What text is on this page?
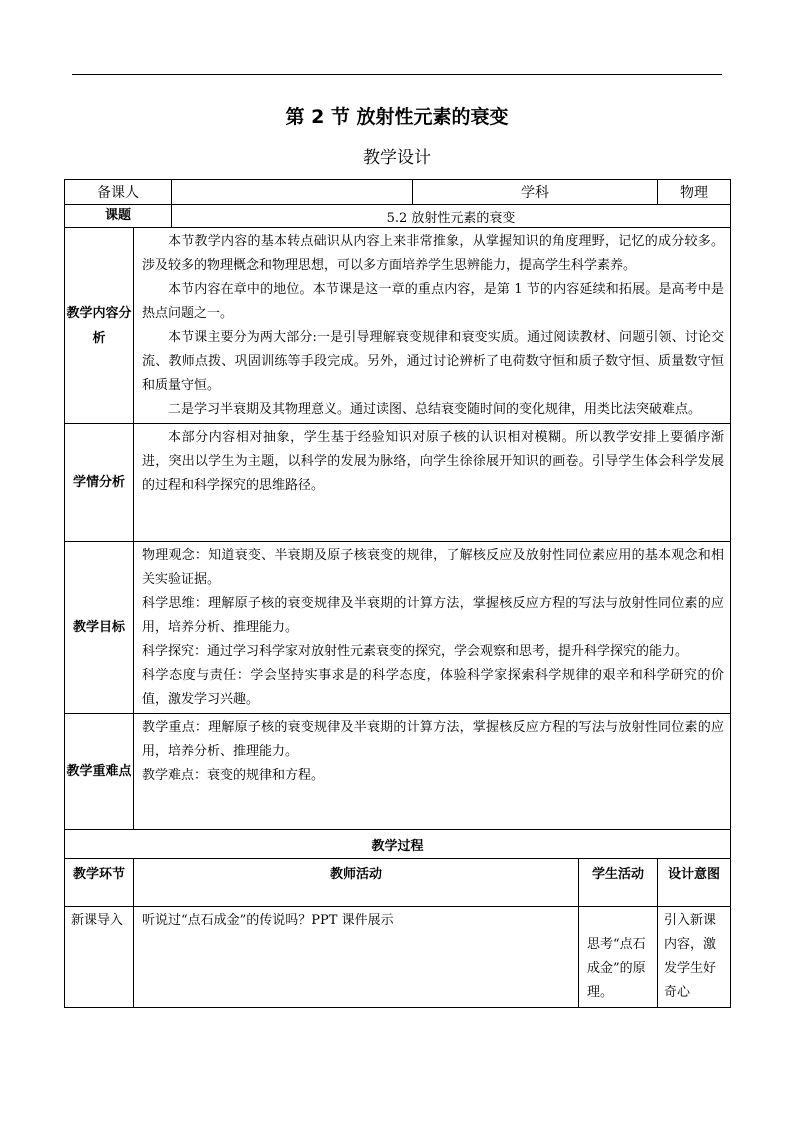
第 2 节 放射性元素的衰变
教学设计
备课人			学科		物理
课题		5.2 放射性元素的衰变			
教学内容分析	本节教学内容的基本转点础识从内容上来非常推象，从掌握知识的角度理野，记忆的成分较多。涉及较多的物理概念和物理思想，可以多方面培养学生思辨能力，提高学生科学素养。

本节内容在章中的地位。本节课是这一章的重点内容，是第 1 节的内容延续和拓展。是高考中是热点问题之一。

本节课主要分为两大部分:一是引导理解衰变规律和衰变实质。通过阅读教材、问题引领、讨论交流、教师点拨、巩固训练等手段完成。另外，通过讨论辨析了电荷数守恒和质子数守恒、质量数守恒和质量守恒。

二是学习半衰期及其物理意义。通过读图、总结衰变随时间的变化规律，用类比法突破难点。				

学情分析	本部分内容相对抽象，学生基于经验知识对原子核的认识相对模糊。所以教学安排上要循序渐进，突出以学生为主题，以科学的发展为脉络，向学生徐徐展开知识的画卷。引导学生体会科学发展的过程和科学探究的思维路径。				

教学目标	物理观念：知道衰变、半衰期及原子核衰变的规律，了解核反应及放射性同位素应用的基本观念和相关实验证据。

科学思维：理解原子核的衰变规律及半衰期的计算方法，掌握核反应方程的写法与放射性同位素的应用，培养分析、推理能力。

科学探究：通过学习科学家对放射性元素衰变的探究，学会观察和思考，提升科学探究的能力。

科学态度与责任：学会坚持实事求是的科学态度，体验科学家探索科学规律的艰辛和科学研究的价值，激发学习兴趣。				

教学重难点	教学重点：理解原子核的衰变规律及半衰期的计算方法，掌握核反应方程的写法与放射性同位素的应用，培养分析、推理能力。

教学难点：衰变的规律和方程。				

教学过程					
教学环节	教师活动			学生活动	设计意图
新课导入	听说过“点石成金”的传说吗？PPT 课件展示			思考“点石成金”的原理。	引入新课内容，激发学生好奇心
